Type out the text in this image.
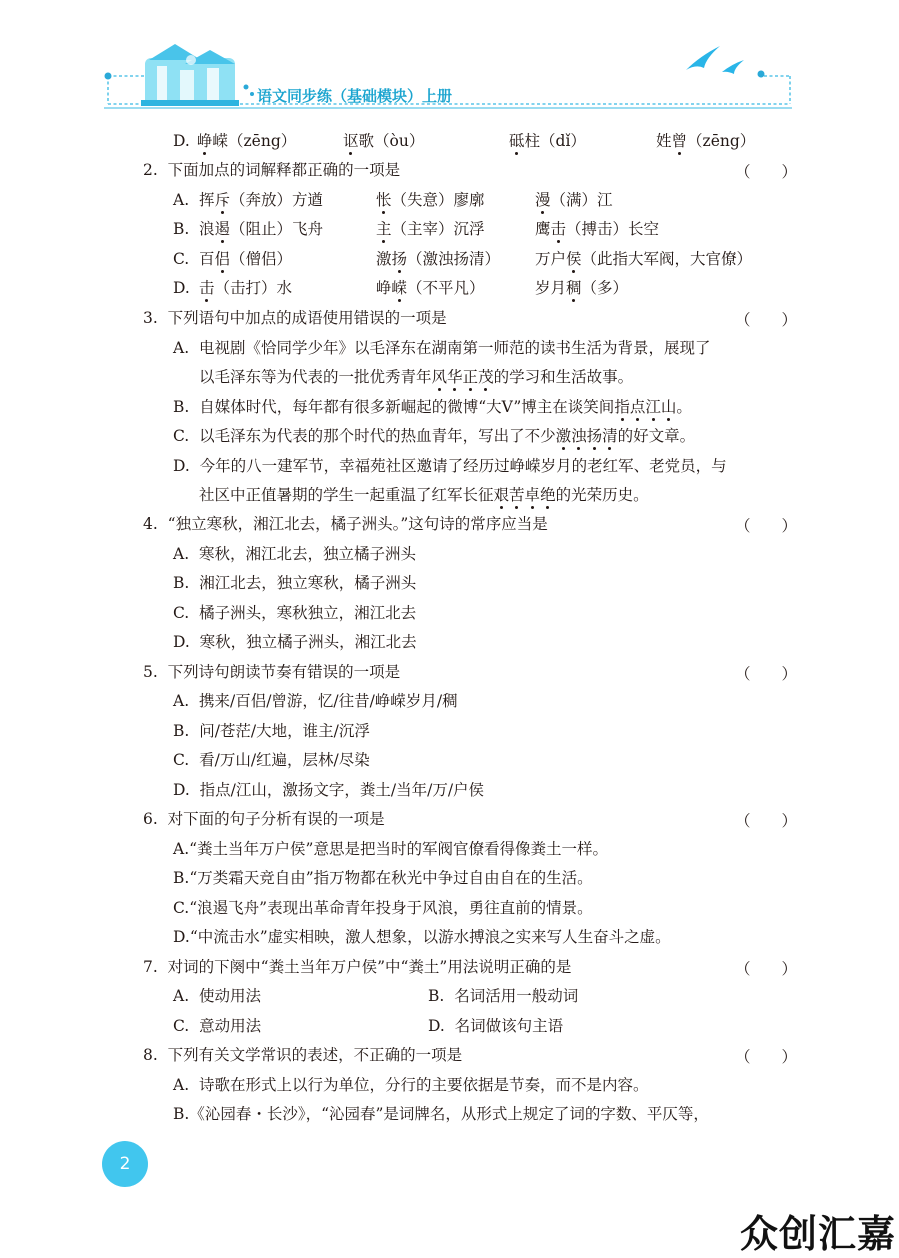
语文同步练（基础模块）上册
D. 峥嵘（zēng）	讴歌（òu）	砥柱（dǐ）	姓曾（zēng）
2. 下面加点的词解释都正确的一项是	（　　）
A. 挥斥（奔放）方遒	怅（失意）廖廓	漫（满）江
B. 浪遏（阻止）飞舟	主（主宰）沉浮	鹰击（搏击）长空
C. 百侣（僧侣）	激扬（激浊扬清） 万户侯（此指大军阀，大官僚）
D. 击（击打）水	峥嵘（不平凡）	岁月稠（多）
3. 下列语句中加点的成语使用错误的一项是	（　　）
A. 电视剧《恰同学少年》以毛泽东在湖南第一师范的读书生活为背景，展现了
以毛泽东等为代表的一批优秀青年风华正茂的学习和生活故事。
B. 自媒体时代，每年都有很多新崛起的微博“大V”博主在谈笑间指点江山。
C. 以毛泽东为代表的那个时代的热血青年，写出了不少激浊扬清的好文章。
D. 今年的八一建军节，幸福苑社区邀请了经历过峥嵘岁月的老红军、老党员，与
社区中正值暑期的学生一起重温了红军长征艰苦卓绝的光荣历史。
4. “独立寒秋，湘江北去，橘子洲头。”这句诗的常序应当是	（　　）
A. 寒秋，湘江北去，独立橘子洲头
B. 湘江北去，独立寒秋，橘子洲头
C. 橘子洲头，寒秋独立，湘江北去
D. 寒秋，独立橘子洲头，湘江北去
5. 下列诗句朗读节奏有错误的一项是	（　　）
A. 携来/百侣/曾游，忆/往昔/峥嵘岁月/稠
B. 问/苍茫/大地，谁主/沉浮
C. 看/万山/红遍，层林/尽染
D. 指点/江山，激扬文字，粪土/当年/万/户侯
6. 对下面的句子分析有误的一项是	（　　）
A.“粪土当年万户侯”意思是把当时的军阀官僚看得像粪土一样。
B.“万类霜天竞自由”指万物都在秋光中争过自由自在的生活。
C.“浪遏飞舟”表现出革命青年投身于风浪，勇往直前的情景。
D.“中流击水”虚实相映，激人想象，以游水搏浪之实来写人生奋斗之虚。
7. 对词的下阕中“粪土当年万户侯”中“粪土”用法说明正确的是	（　　）
A. 使动用法	B. 名词活用一般动词
C. 意动用法	D. 名词做该句主语
8. 下列有关文学常识的表述，不正确的一项是	（　　）
A. 诗歌在形式上以行为单位，分行的主要依据是节奏，而不是内容。
B.《沁园春・长沙》，“沁园春”是词牌名，从形式上规定了词的字数、平仄等，
2
众创汇嘉
